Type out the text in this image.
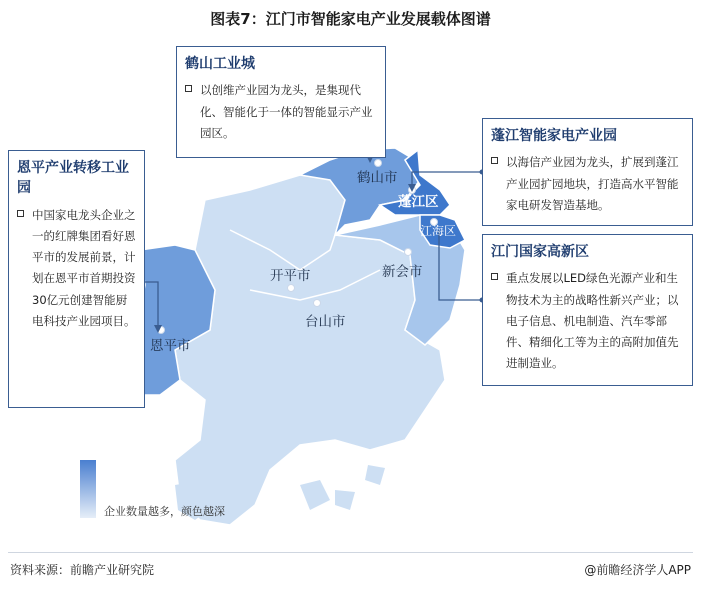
图表7：江门市智能家电产业发展载体图谱
鹤山市
蓬江区
江海区
新会市
开平市
台山市
恩平市
鹤山工业城
以创维产业园为龙头，是集现代化、智能化于一体的智能显示产业园区。	蓬江智能家电产业园
以海信产业园为龙头，扩展到蓬江产业园扩园地块，打造高水平智能家电研发智造基地。
江门国家高新区
重点发展以LED绿色光源产业和生物技术为主的战略性新兴产业；以电子信息、机电制造、汽车零部件、精细化工等为主的高附加值先进制造业。
恩平产业转移工业园
中国家电龙头企业之一的红牌集团看好恩平市的发展前景，计划在恩平市首期投资30亿元创建智能厨电科技产业园项目。
企业数量越多，颜色越深
资料来源：前瞻产业研究院	@前瞻经济学人APP
